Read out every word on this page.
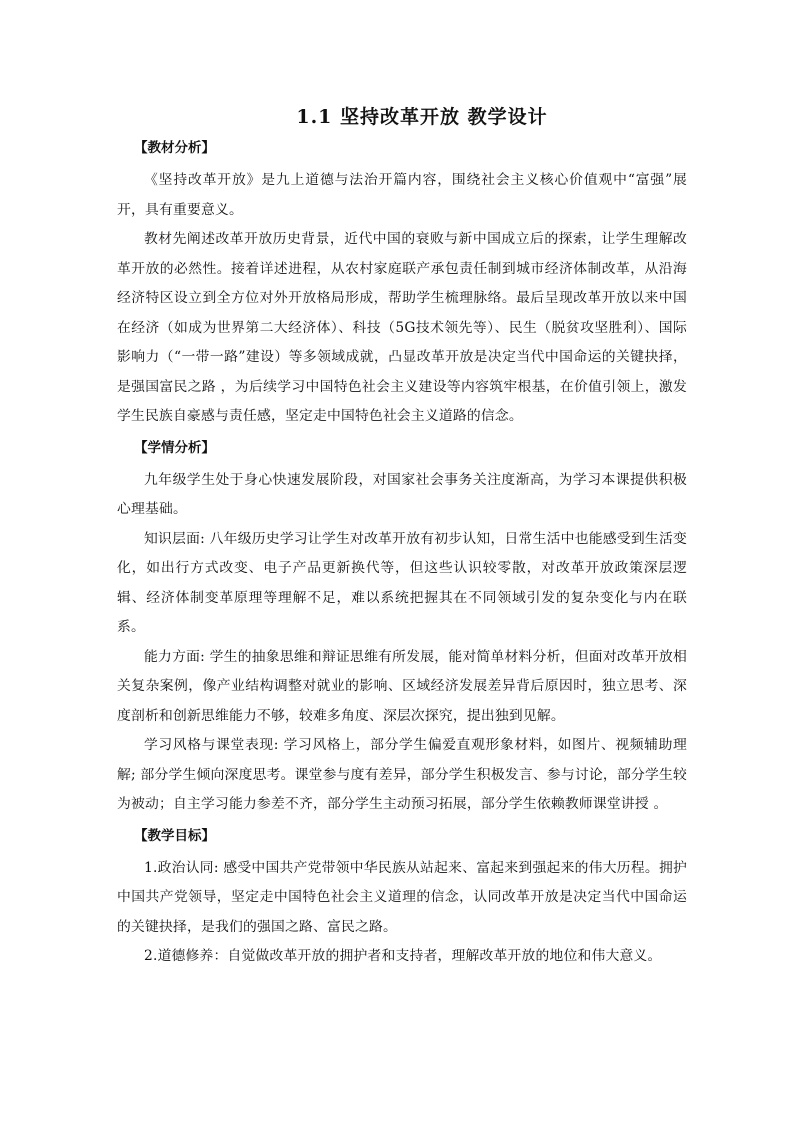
1.1 坚持改革开放 教学设计
【教材分析】

《坚持改革开放》是九上道德与法治开篇内容，围绕社会主义核心价值观中“富强”展开，具有重要意义。

教材先阐述改革开放历史背景，近代中国的衰败与新中国成立后的探索，让学生理解改革开放的必然性。接着详述进程，从农村家庭联产承包责任制到城市经济体制改革，从沿海经济特区设立到全方位对外开放格局形成，帮助学生梳理脉络。最后呈现改革开放以来中国在经济（如成为世界第二大经济体）、科技（5G技术领先等）、民生（脱贫攻坚胜利）、国际影响力（“一带一路”建设）等多领域成就，凸显改革开放是决定当代中国命运的关键抉择，是强国富民之路 ，为后续学习中国特色社会主义建设等内容筑牢根基，在价值引领上，激发学生民族自豪感与责任感，坚定走中国特色社会主义道路的信念。

【学情分析】

九年级学生处于身心快速发展阶段，对国家社会事务关注度渐高，为学习本课提供积极心理基础。

知识层面: 八年级历史学习让学生对改革开放有初步认知，日常生活中也能感受到生活变化，如出行方式改变、电子产品更新换代等，但这些认识较零散，对改革开放政策深层逻辑、经济体制变革原理等理解不足，难以系统把握其在不同领域引发的复杂变化与内在联系。

能力方面: 学生的抽象思维和辩证思维有所发展，能对简单材料分析，但面对改革开放相关复杂案例，像产业结构调整对就业的影响、区域经济发展差异背后原因时，独立思考、深度剖析和创新思维能力不够，较难多角度、深层次探究，提出独到见解。

学习风格与课堂表现: 学习风格上，部分学生偏爱直观形象材料，如图片、视频辅助理解; 部分学生倾向深度思考。课堂参与度有差异，部分学生积极发言、参与讨论，部分学生较为被动；自主学习能力参差不齐，部分学生主动预习拓展，部分学生依赖教师课堂讲授 。

【教学目标】

1.政治认同: 感受中国共产党带领中华民族从站起来、富起来到强起来的伟大历程。拥护中国共产党领导，坚定走中国特色社会主义道理的信念，认同改革开放是决定当代中国命运的关键抉择，是我们的强国之路、富民之路。

2.道德修养：自觉做改革开放的拥护者和支持者，理解改革开放的地位和伟大意义。
